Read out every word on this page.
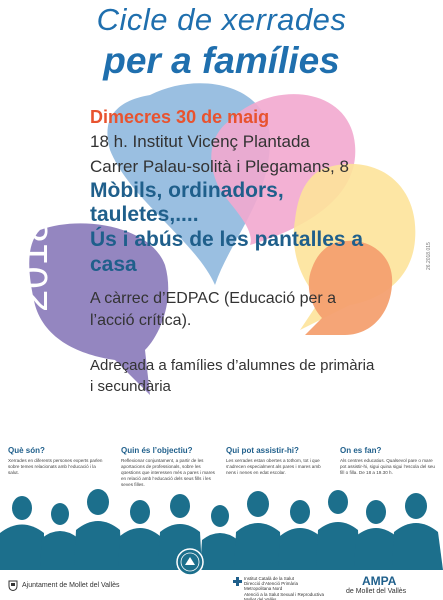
Cicle de xerrades

per a famílies

Dimecres 30 de maig

18 h. Institut Vicenç Plantada

Carrer Palau-solità i Plegamans, 8

Mòbils, ordinadors,

tauletes,....

Ús i abús de les pantalles a

casa

A càrrec d’EDPAC (Educació per a

l’acció crítica).

Adreçada a famílies d’alumnes de primària

i secundària

2018	26.2018.015

Què són?

Xerrades en diferents persones experts parlen sobre temes relacionats amb l’educació i la salut.

Quin és l’objectiu?

Reflexionar conjuntament, a partir de les aportacions de professionals, sobre les qüestions que interessen més a pares i mares en relació amb l’educació dels seus fills i les seves filles.

Qui pot assistir-hi?

Les xerrades estan obertes a tothom, tot i que s’adrecen especialment als pares i mares amb nens i nenes en edat escolar.

On es fan?

Als centres educatius. Qualsevol pare o mare pot assistir-hi, sigui quina sigui l’escola del seu fill o filla. De 18 a 19.30 h.

Ajuntament de Mollet del Vallès
Institut Català de la Salut
Direcció d’Atenció Primària
Metropolitana Nord
Atenció a la Salut Sexual i Reproductiva
Mollet del Vallès
AMPA
de Mollet del Vallès
